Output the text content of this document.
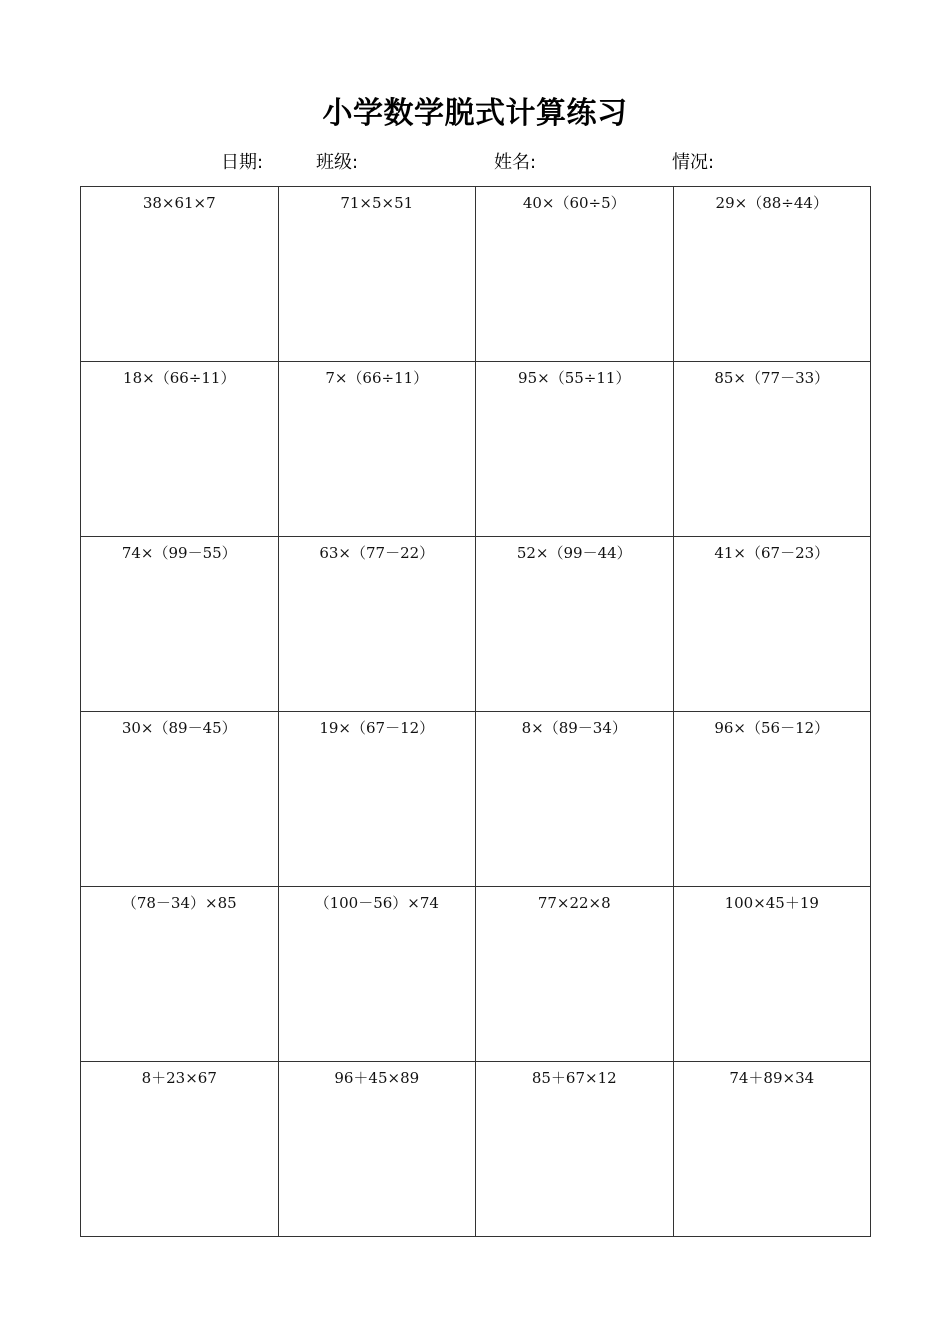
小学数学脱式计算练习
日期:	班级:	姓名:	情况:
38×61×7	71×5×51	40×（60÷5）	29×（88÷44）

18×（66÷11）	7×（66÷11）	95×（55÷11）	85×（77－33）

74×（99－55）	63×（77－22）	52×（99－44）	41×（67－23）

30×（89－45）	19×（67－12）	8×（89－34）	96×（56－12）

（78－34）×85	（100－56）×74	77×22×8	100×45＋19

8＋23×67	96＋45×89	85＋67×12	74＋89×34
